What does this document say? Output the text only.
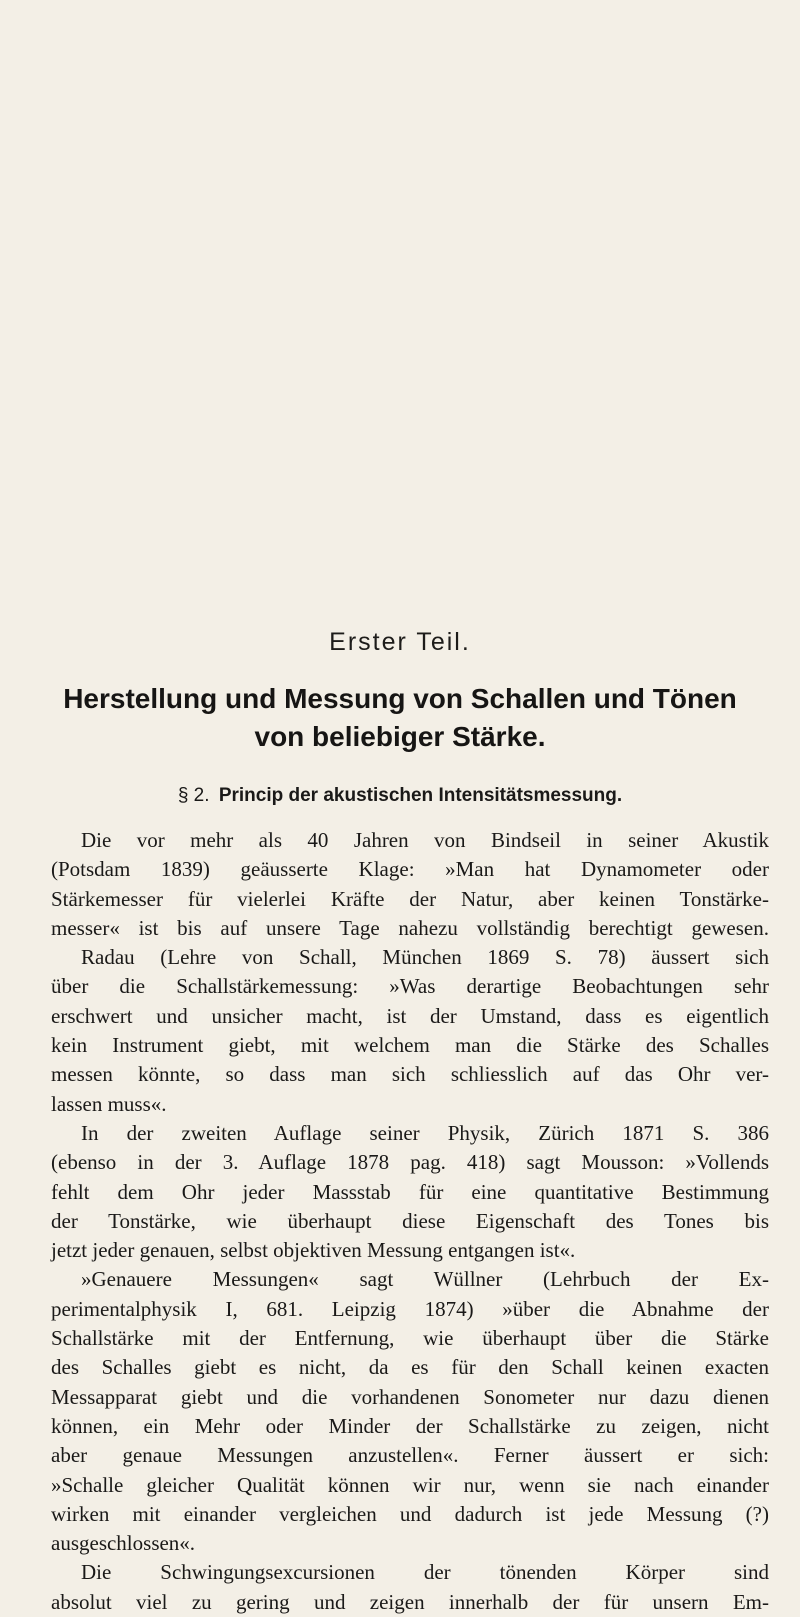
Erster Teil.
Herstellung und Messung von Schallen und Tönen
von beliebiger Stärke.
§ 2. Princip der akustischen Intensitätsmessung.
Die vor mehr als 40 Jahren von Bindseil in seiner Akustik
(Potsdam 1839) geäusserte Klage: »Man hat Dynamometer oder
Stärkemesser für vielerlei Kräfte der Natur, aber keinen Tonstärke-
messer« ist bis auf unsere Tage nahezu vollständig berechtigt gewesen.
Radau (Lehre von Schall, München 1869 S. 78) äussert sich
über die Schallstärkemessung: »Was derartige Beobachtungen sehr
erschwert und unsicher macht, ist der Umstand, dass es eigentlich
kein Instrument giebt, mit welchem man die Stärke des Schalles
messen könnte, so dass man sich schliesslich auf das Ohr ver-
lassen muss«.
In der zweiten Auflage seiner Physik, Zürich 1871 S. 386
(ebenso in der 3. Auflage 1878 pag. 418) sagt Mousson: »Vollends
fehlt dem Ohr jeder Massstab für eine quantitative Bestimmung
der Tonstärke, wie überhaupt diese Eigenschaft des Tones bis
jetzt jeder genauen, selbst objektiven Messung entgangen ist«.
»Genauere Messungen« sagt Wüllner (Lehrbuch der Ex-
perimentalphysik I, 681. Leipzig 1874) »über die Abnahme der
Schallstärke mit der Entfernung, wie überhaupt über die Stärke
des Schalles giebt es nicht, da es für den Schall keinen exacten
Messapparat giebt und die vorhandenen Sonometer nur dazu dienen
können, ein Mehr oder Minder der Schallstärke zu zeigen, nicht
aber genaue Messungen anzustellen«. Ferner äussert er sich:
»Schalle gleicher Qualität können wir nur, wenn sie nach einander
wirken mit einander vergleichen und dadurch ist jede Messung (?)
ausgeschlossen«.
Die Schwingungsexcursionen der tönenden Körper sind
absolut viel zu gering und zeigen innerhalb der für unsern Em-
